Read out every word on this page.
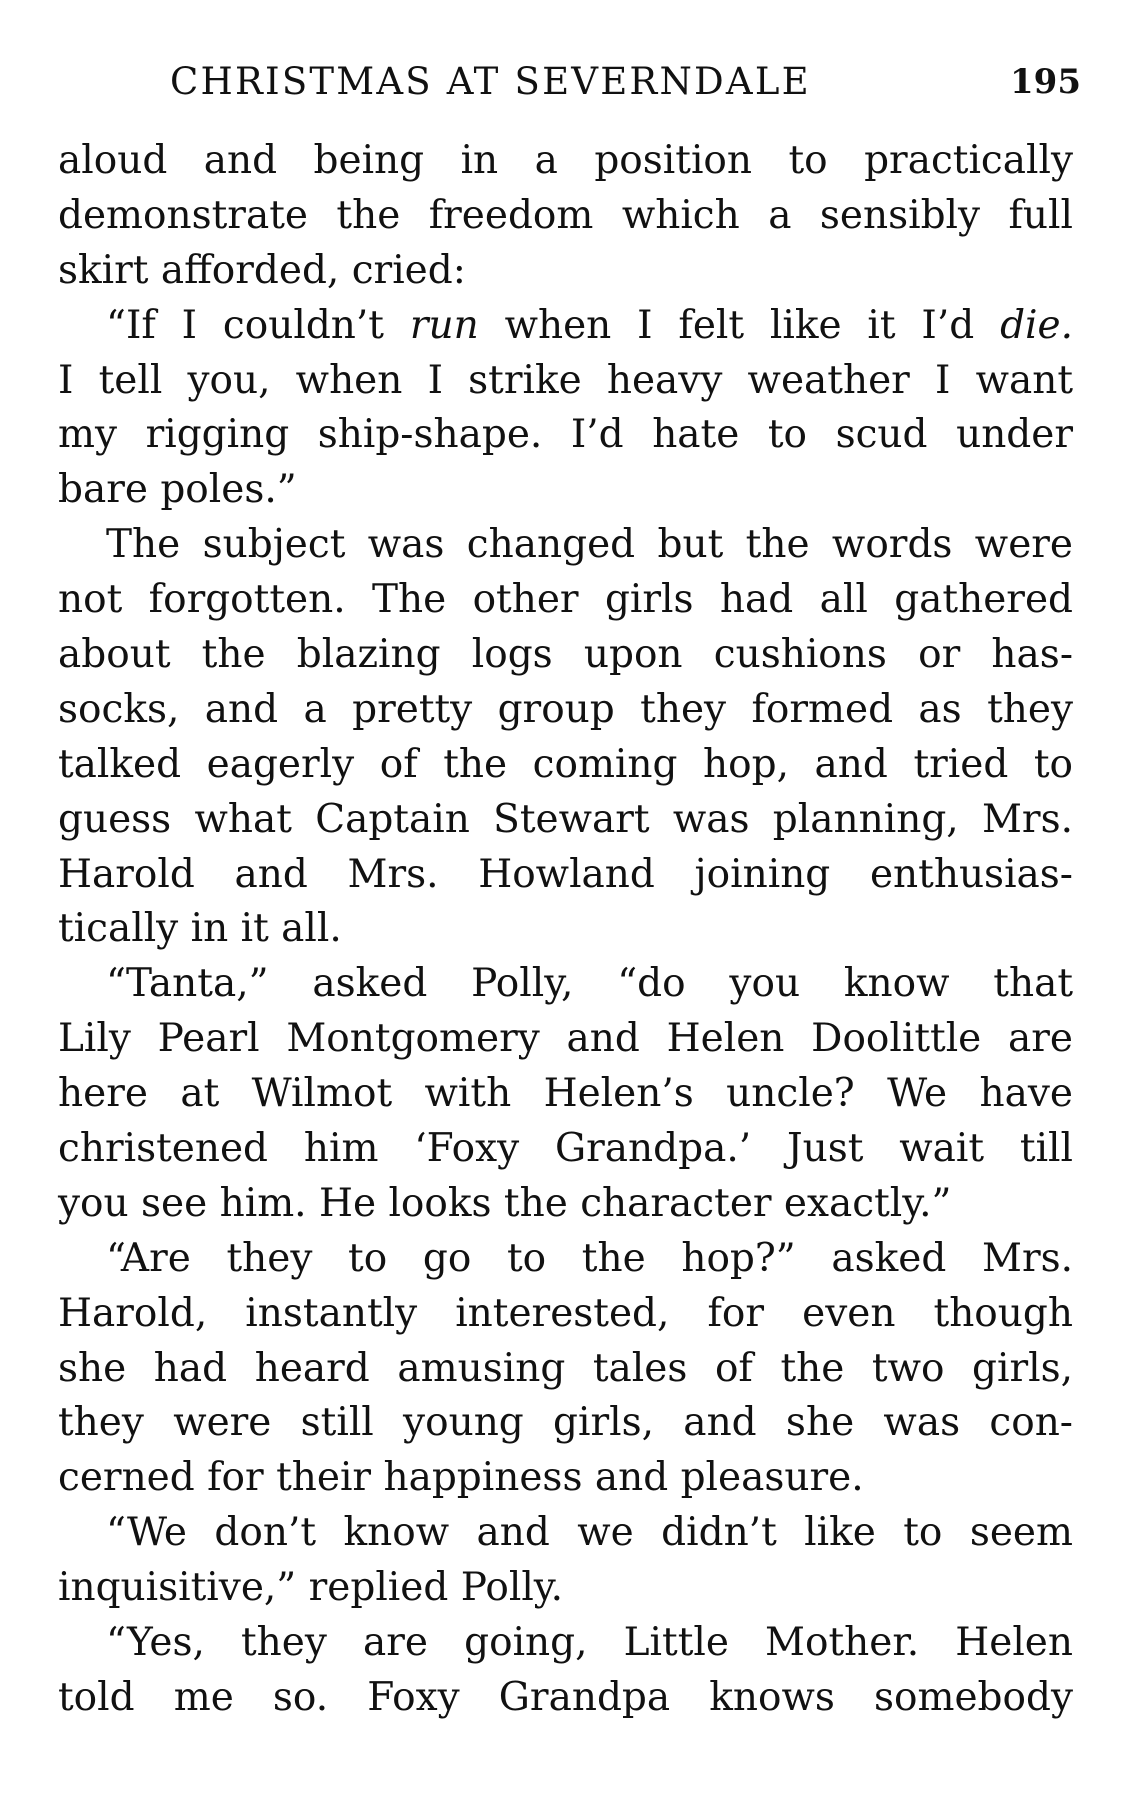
CHRISTMAS AT SEVERNDALE	195
aloud and being in a position to practically
demonstrate the freedom which a sensibly full
skirt afforded, cried:
“If I couldn’t run when I felt like it I’d die.
I tell you, when I strike heavy weather I want
my rigging ship-shape. I’d hate to scud under
bare poles.”
The subject was changed but the words were
not forgotten. The other girls had all gathered
about the blazing logs upon cushions or has-
socks, and a pretty group they formed as they
talked eagerly of the coming hop, and tried to
guess what Captain Stewart was planning, Mrs.
Harold and Mrs. Howland joining enthusias-
tically in it all.
“Tanta,” asked Polly, “do you know that
Lily Pearl Montgomery and Helen Doolittle are
here at Wilmot with Helen’s uncle? We have
christened him ‘Foxy Grandpa.’ Just wait till
you see him. He looks the character exactly.”
“Are they to go to the hop?” asked Mrs.
Harold, instantly interested, for even though
she had heard amusing tales of the two girls,
they were still young girls, and she was con-
cerned for their happiness and pleasure.
“We don’t know and we didn’t like to seem
inquisitive,” replied Polly.
“Yes, they are going, Little Mother. Helen
told me so. Foxy Grandpa knows somebody
